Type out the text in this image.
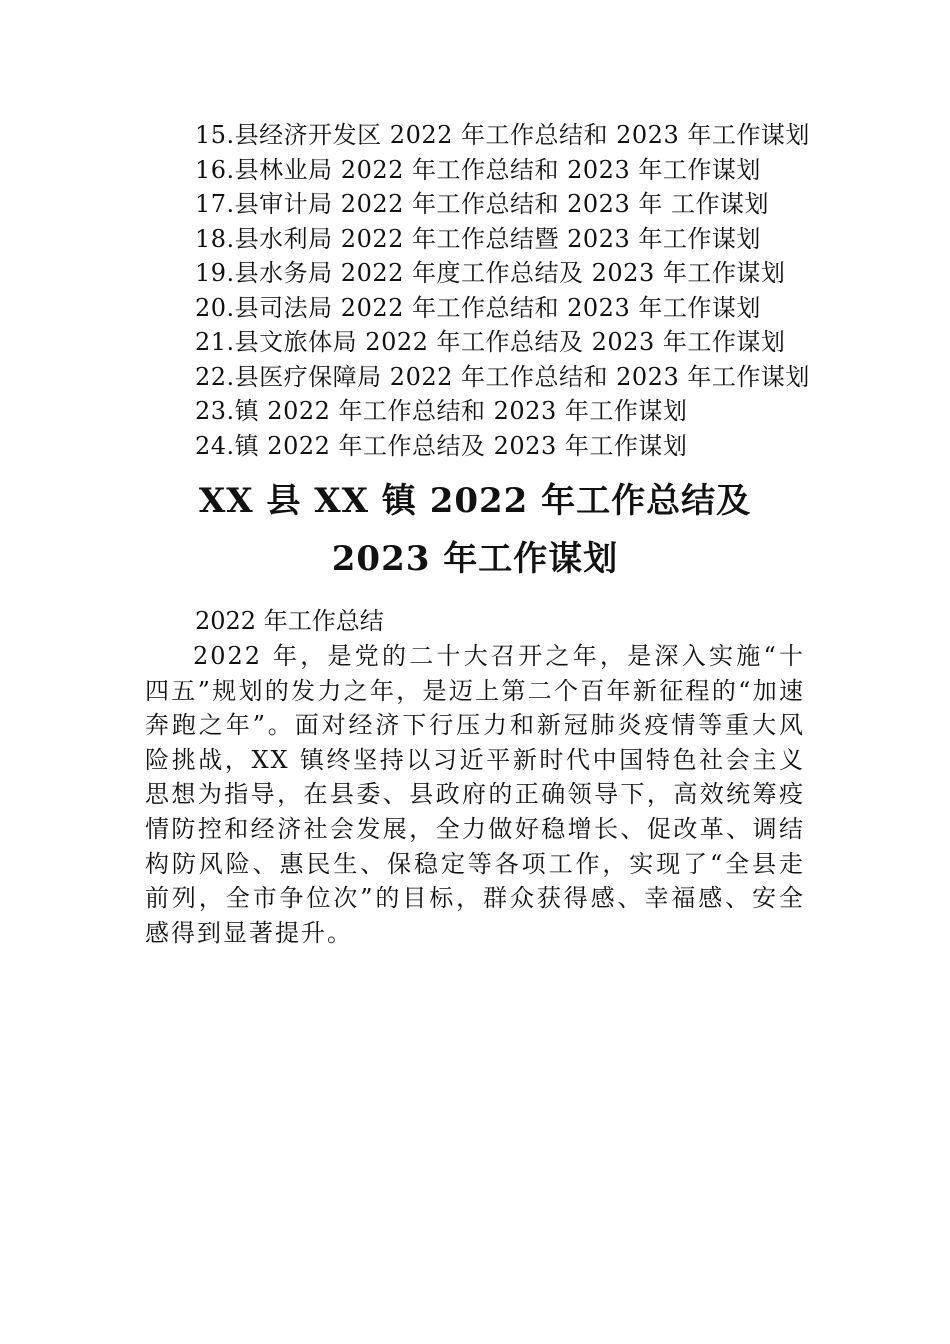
15.县经济开发区 2022 年工作总结和 2023 年工作谋划
16.县林业局 2022 年工作总结和 2023 年工作谋划
17.县审计局 2022 年工作总结和 2023 年 工作谋划
18.县水利局 2022 年工作总结暨 2023 年工作谋划
19.县水务局 2022 年度工作总结及 2023 年工作谋划
20.县司法局 2022 年工作总结和 2023 年工作谋划
21.县文旅体局 2022 年工作总结及 2023 年工作谋划
22.县医疗保障局 2022 年工作总结和 2023 年工作谋划
23.镇 2022 年工作总结和 2023 年工作谋划
24.镇 2022 年工作总结及 2023 年工作谋划
XX 县 XX 镇 2022 年工作总结及 2023 年工作谋划

2022 年工作总结

2022 年，是党的二十大召开之年，是深入实施“十四五”规划的发力之年，是迈上第二个百年新征程的“加速奔跑之年”。面对经济下行压力和新冠肺炎疫情等重大风险挑战，XX 镇终坚持以习近平新时代中国特色社会主义思想为指导，在县委、县政府的正确领导下，高效统筹疫情防控和经济社会发展，全力做好稳增长、促改革、调结构防风险、惠民生、保稳定等各项工作，实现了“全县走前列，全市争位次”的目标，群众获得感、幸福感、安全感得到显著提升。
